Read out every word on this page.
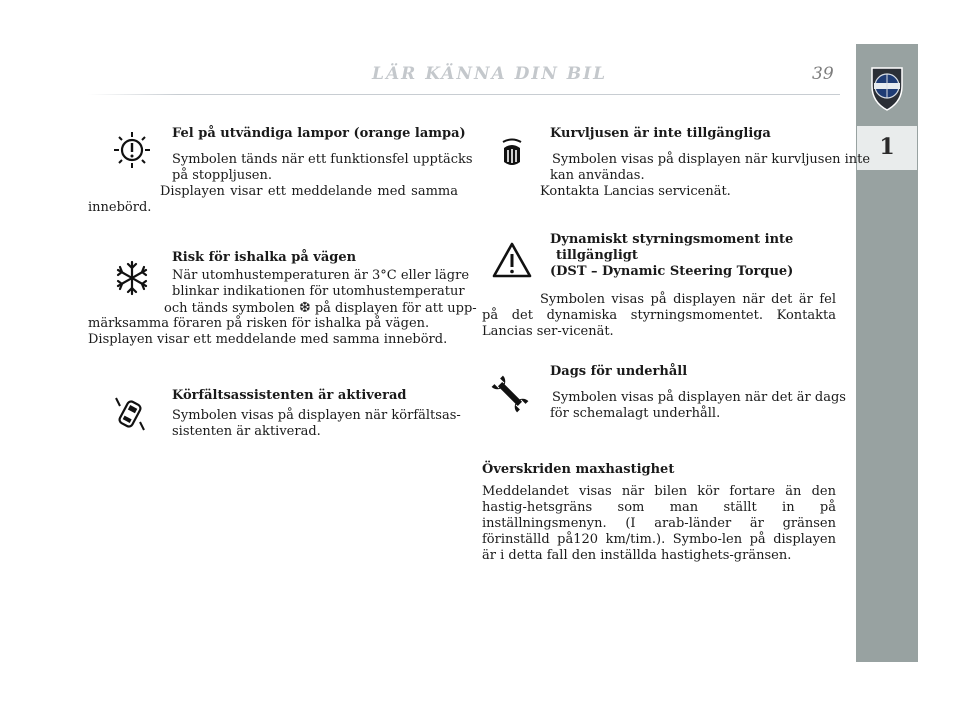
LÄR KÄNNA DIN BIL	39
1
Fel på utvändiga lampor (orange lampa)
Symbolen tänds när ett funktionsfel upptäcks
på stoppljusen.
Displayen visar ett meddelande med samma innebörd.
Risk för ishalka på vägen
När utomhustemperaturen är 3°C eller lägre
blinkar indikationen för utomhustemperatur
och tänds symbolen ❆ på displayen för att upp-
märksamma föraren på risken för ishalka på vägen.
Displayen visar ett meddelande med samma innebörd.
Körfältsassistenten är aktiverad
Symbolen visas på displayen när körfältsas-
sistenten är aktiverad.
Kurvljusen är inte tillgängliga
Symbolen visas på displayen när kurvljusen inte
kan användas.
Kontakta Lancias servicenät.
Dynamiskt styrningsmoment inte
tillgängligt
(DST – Dynamic Steering Torque)
Symbolen visas på displayen när det är fel på det dynamiska styrningsmomentet. Kontakta Lancias ser-vicenät.
Dags för underhåll
Symbolen visas på displayen när det är dags
för schemalagt underhåll.
Överskriden maxhastighet
Meddelandet visas när bilen kör fortare än den hastig-hetsgräns som man ställt in på inställningsmenyn. (I arab-länder är gränsen förinställd på120 km/tim.). Symbo-len på displayen är i detta fall den inställda hastighets-gränsen.
